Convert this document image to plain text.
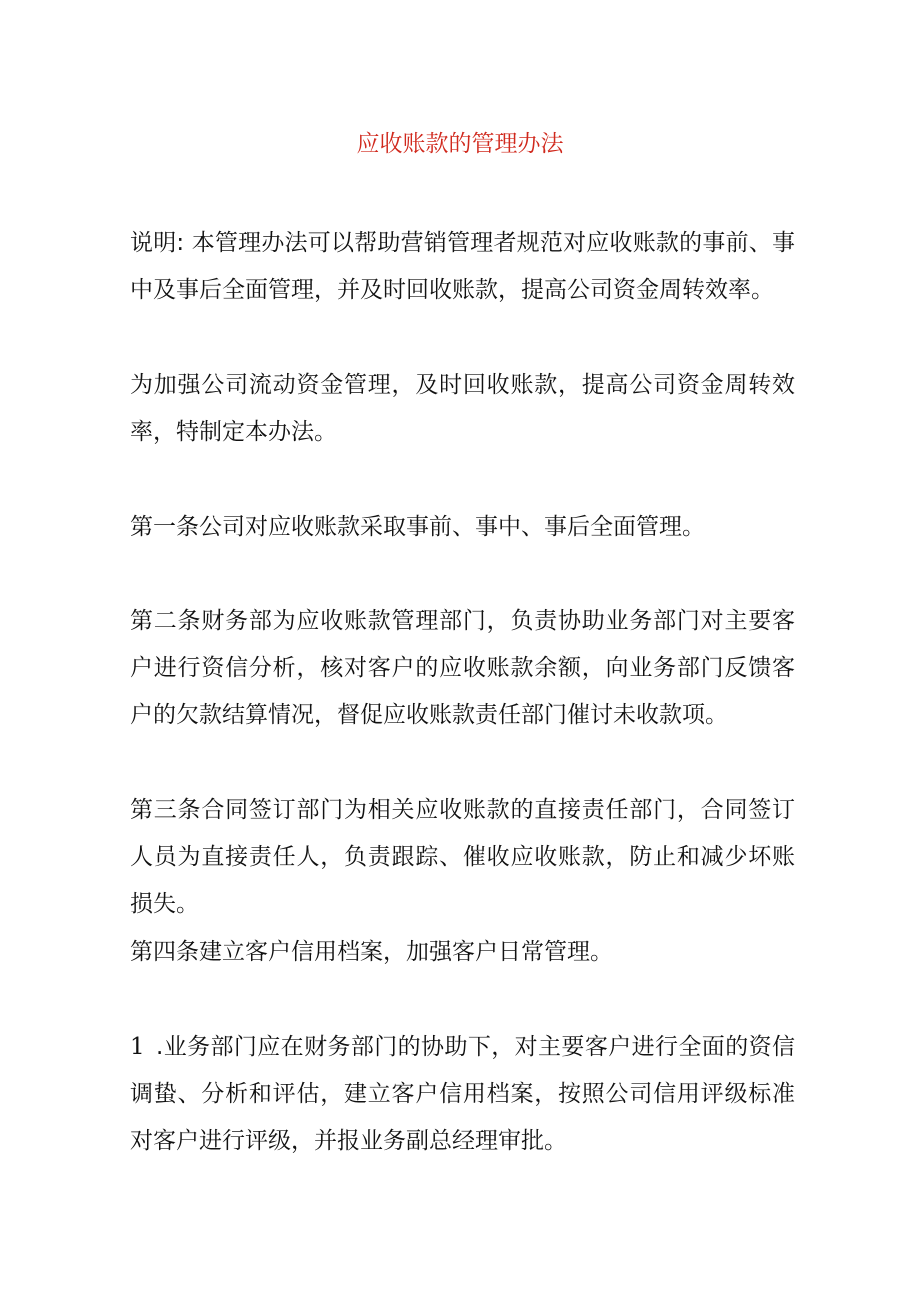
应收账款的管理办法

说明: 本管理办法可以帮助营销管理者规范对应收账款的事前、事中及事后全面管理，并及时回收账款，提高公司资金周转效率。

为加强公司流动资金管理，及时回收账款，提高公司资金周转效率，特制定本办法。

第一条公司对应收账款采取事前、事中、事后全面管理。

第二条财务部为应收账款管理部门，负责协助业务部门对主要客户进行资信分析，核对客户的应收账款余额，向业务部门反馈客户的欠款结算情况，督促应收账款责任部门催讨未收款项。

第三条合同签订部门为相关应收账款的直接责任部门，合同签订人员为直接责任人，负责跟踪、催收应收账款，防止和减少坏账损失。

第四条建立客户信用档案，加强客户日常管理。

1 .业务部门应在财务部门的协助下，对主要客户进行全面的资信调蛰、分析和评估，建立客户信用档案，按照公司信用评级标准对客户进行评级，并报业务副总经理审批。
